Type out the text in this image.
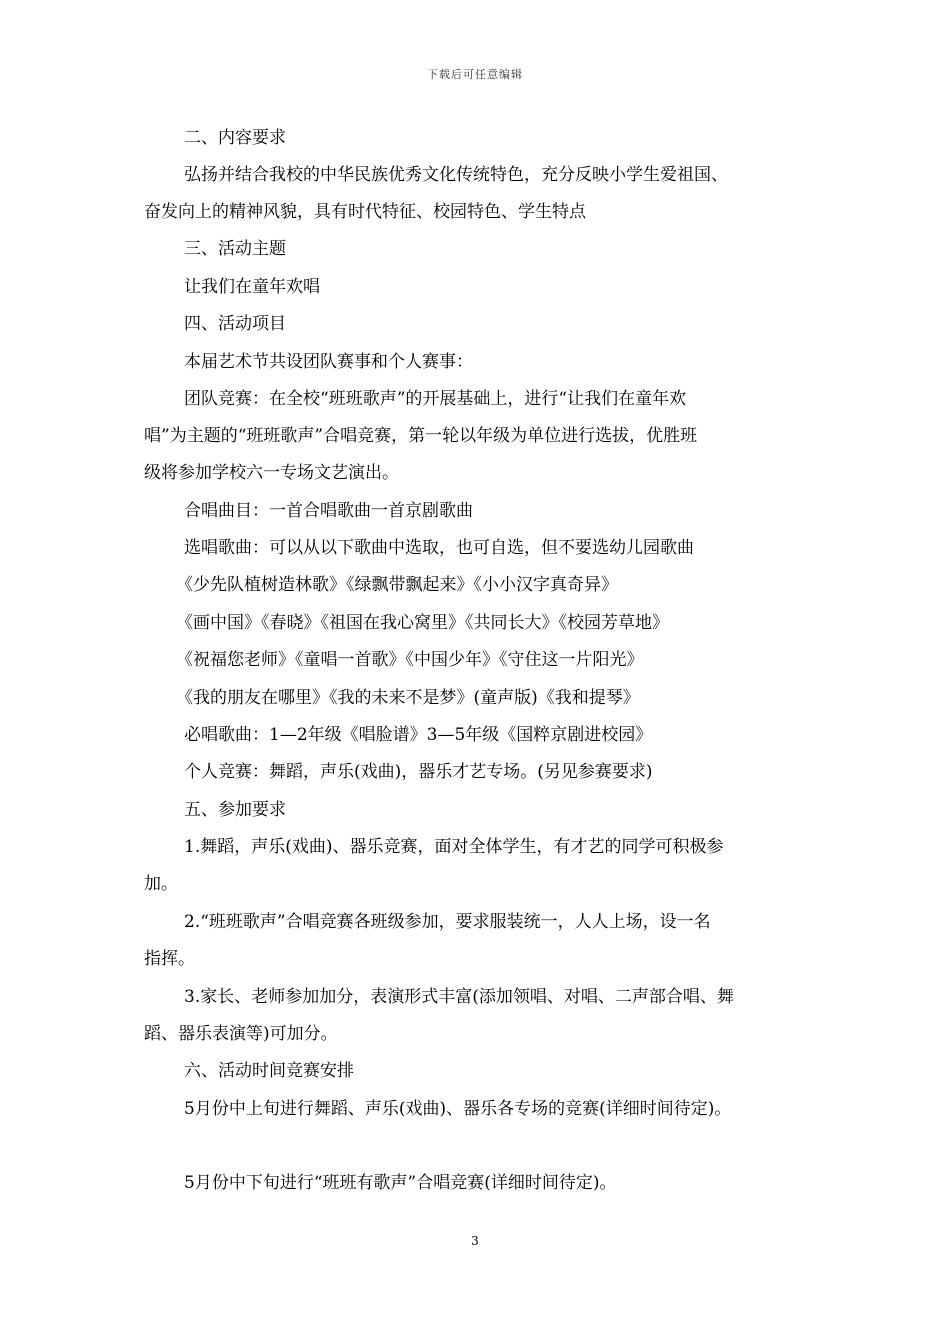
下载后可任意编辑
二、内容要求
弘扬并结合我校的中华民族优秀文化传统特色，充分反映小学生爱祖国、
奋发向上的精神风貌，具有时代特征、校园特色、学生特点
三、活动主题
让我们在童年欢唱
四、活动项目
本届艺术节共设团队赛事和个人赛事：
团队竞赛：在全校“班班歌声”的开展基础上，进行“让我们在童年欢
唱”为主题的“班班歌声”合唱竞赛，第一轮以年级为单位进行选拔，优胜班
级将参加学校六一专场文艺演出。
合唱曲目：一首合唱歌曲一首京剧歌曲
选唱歌曲：可以从以下歌曲中选取，也可自选，但不要选幼儿园歌曲
《少先队植树造林歌》《绿飘带飘起来》《小小汉字真奇异》
《画中国》《春晓》《祖国在我心窝里》《共同长大》《校园芳草地》
《祝福您老师》《童唱一首歌》《中国少年》《守住这一片阳光》
《我的朋友在哪里》《我的未来不是梦》(童声版)《我和提琴》
必唱歌曲：1—2年级《唱脸谱》3—5年级《国粹京剧进校园》
个人竞赛：舞蹈，声乐(戏曲)，器乐才艺专场。(另见参赛要求)
五、参加要求
1.舞蹈，声乐(戏曲)、器乐竞赛，面对全体学生，有才艺的同学可积极参
加。
2.“班班歌声”合唱竞赛各班级参加，要求服装统一，人人上场，设一名
指挥。
3.家长、老师参加加分，表演形式丰富(添加领唱、对唱、二声部合唱、舞
蹈、器乐表演等)可加分。
六、活动时间竞赛安排
5月份中上旬进行舞蹈、声乐(戏曲)、器乐各专场的竞赛(详细时间待定)。
5月份中下旬进行“班班有歌声”合唱竞赛(详细时间待定)。
3
